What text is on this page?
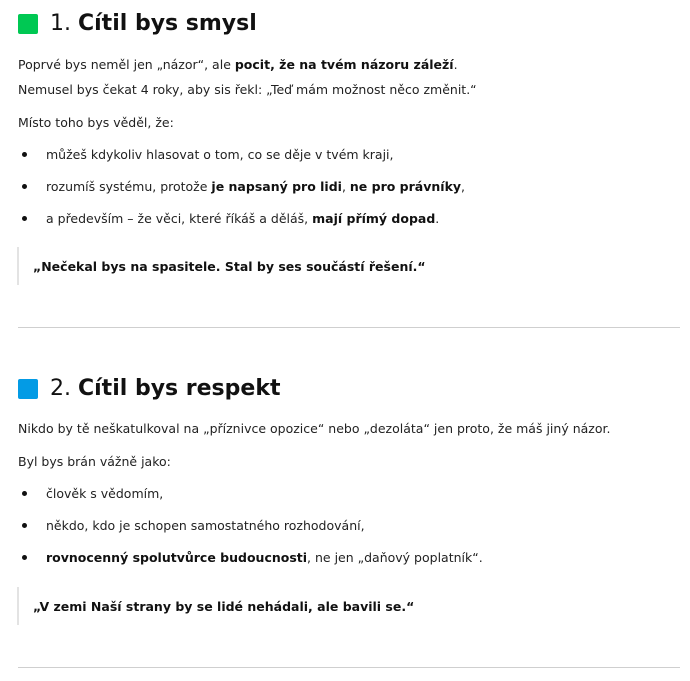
1.
Cítil bys smysl
Poprvé bys neměl jen „názor“, ale pocit, že na tvém názoru záleží.
Nemusel bys čekat 4 roky, aby sis řekl: „Teď mám možnost něco změnit.“
Místo toho bys věděl, že:
můžeš kdykoliv hlasovat o tom, co se děje v tvém kraji,
rozumíš systému, protože je napsaný pro lidi, ne pro právníky,
a především – že věci, které říkáš a děláš, mají přímý dopad.
„Nečekal bys na spasitele. Stal by ses součástí řešení.“
2.
Cítil bys respekt
Nikdo by tě neškatulkoval na „příznivce opozice“ nebo „dezoláta“ jen proto, že máš jiný názor.
Byl bys brán vážně jako:
člověk s vědomím,
někdo, kdo je schopen samostatného rozhodování,
rovnocenný spolutvůrce budoucnosti, ne jen „daňový poplatník“.
„V zemi Naší strany by se lidé nehádali, ale bavili se.“
